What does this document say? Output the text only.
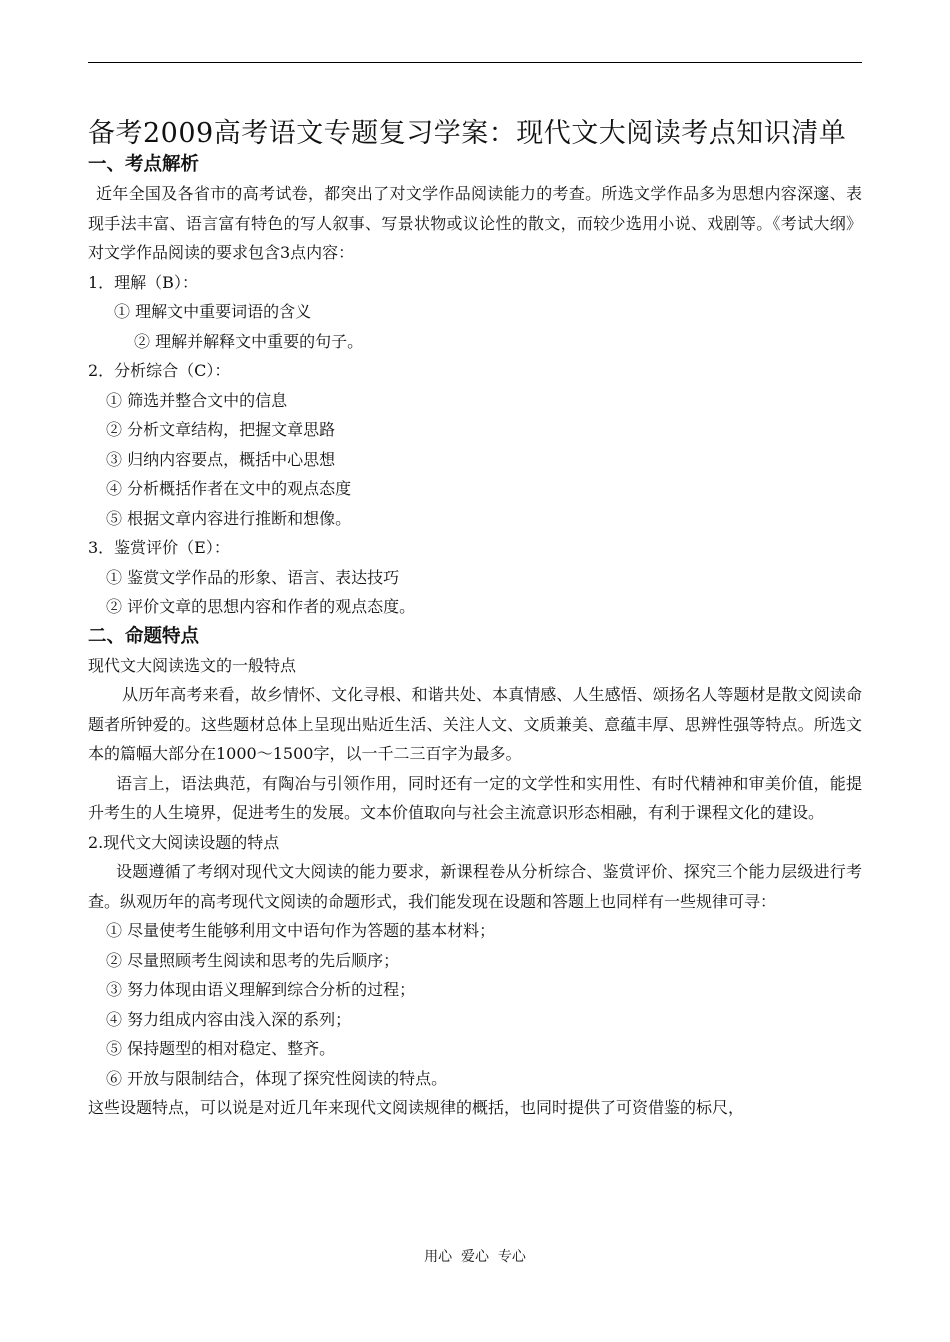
备考2009高考语文专题复习学案：现代文大阅读考点知识清单
一、考点解析

近年全国及各省市的高考试卷，都突出了对文学作品阅读能力的考查。所选文学作品多为思想内容深邃、表现手法丰富、语言富有特色的写人叙事、写景状物或议论性的散文，而较少选用小说、戏剧等。《考试大纲》对文学作品阅读的要求包含3点内容：

1．理解（B）：

① 理解文中重要词语的含义

② 理解并解释文中重要的句子。

2．分析综合（C）：

① 筛选并整合文中的信息

② 分析文章结构，把握文章思路

③ 归纳内容要点，概括中心思想

④ 分析概括作者在文中的观点态度

⑤ 根据文章内容进行推断和想像。

3．鉴赏评价（E）：

① 鉴赏文学作品的形象、语言、表达技巧

② 评价文章的思想内容和作者的观点态度。

二、命题特点

现代文大阅读选文的一般特点

从历年高考来看，故乡情怀、文化寻根、和谐共处、本真情感、人生感悟、颂扬名人等题材是散文阅读命题者所钟爱的。这些题材总体上呈现出贴近生活、关注人文、文质兼美、意蕴丰厚、思辨性强等特点。所选文本的篇幅大部分在1000～1500字，以一千二三百字为最多。

语言上，语法典范，有陶冶与引领作用，同时还有一定的文学性和实用性、有时代精神和审美价值，能提升考生的人生境界，促进考生的发展。文本价值取向与社会主流意识形态相融，有利于课程文化的建设。

2.现代文大阅读设题的特点

设题遵循了考纲对现代文大阅读的能力要求，新课程卷从分析综合、鉴赏评价、探究三个能力层级进行考查。纵观历年的高考现代文阅读的命题形式，我们能发现在设题和答题上也同样有一些规律可寻：

① 尽量使考生能够利用文中语句作为答题的基本材料；

② 尽量照顾考生阅读和思考的先后顺序；

③ 努力体现由语义理解到综合分析的过程；

④ 努力组成内容由浅入深的系列；

⑤ 保持题型的相对稳定、整齐。

⑥ 开放与限制结合，体现了探究性阅读的特点。

这些设题特点，可以说是对近几年来现代文阅读规律的概括，也同时提供了可资借鉴的标尺，

用心  爱心  专心
